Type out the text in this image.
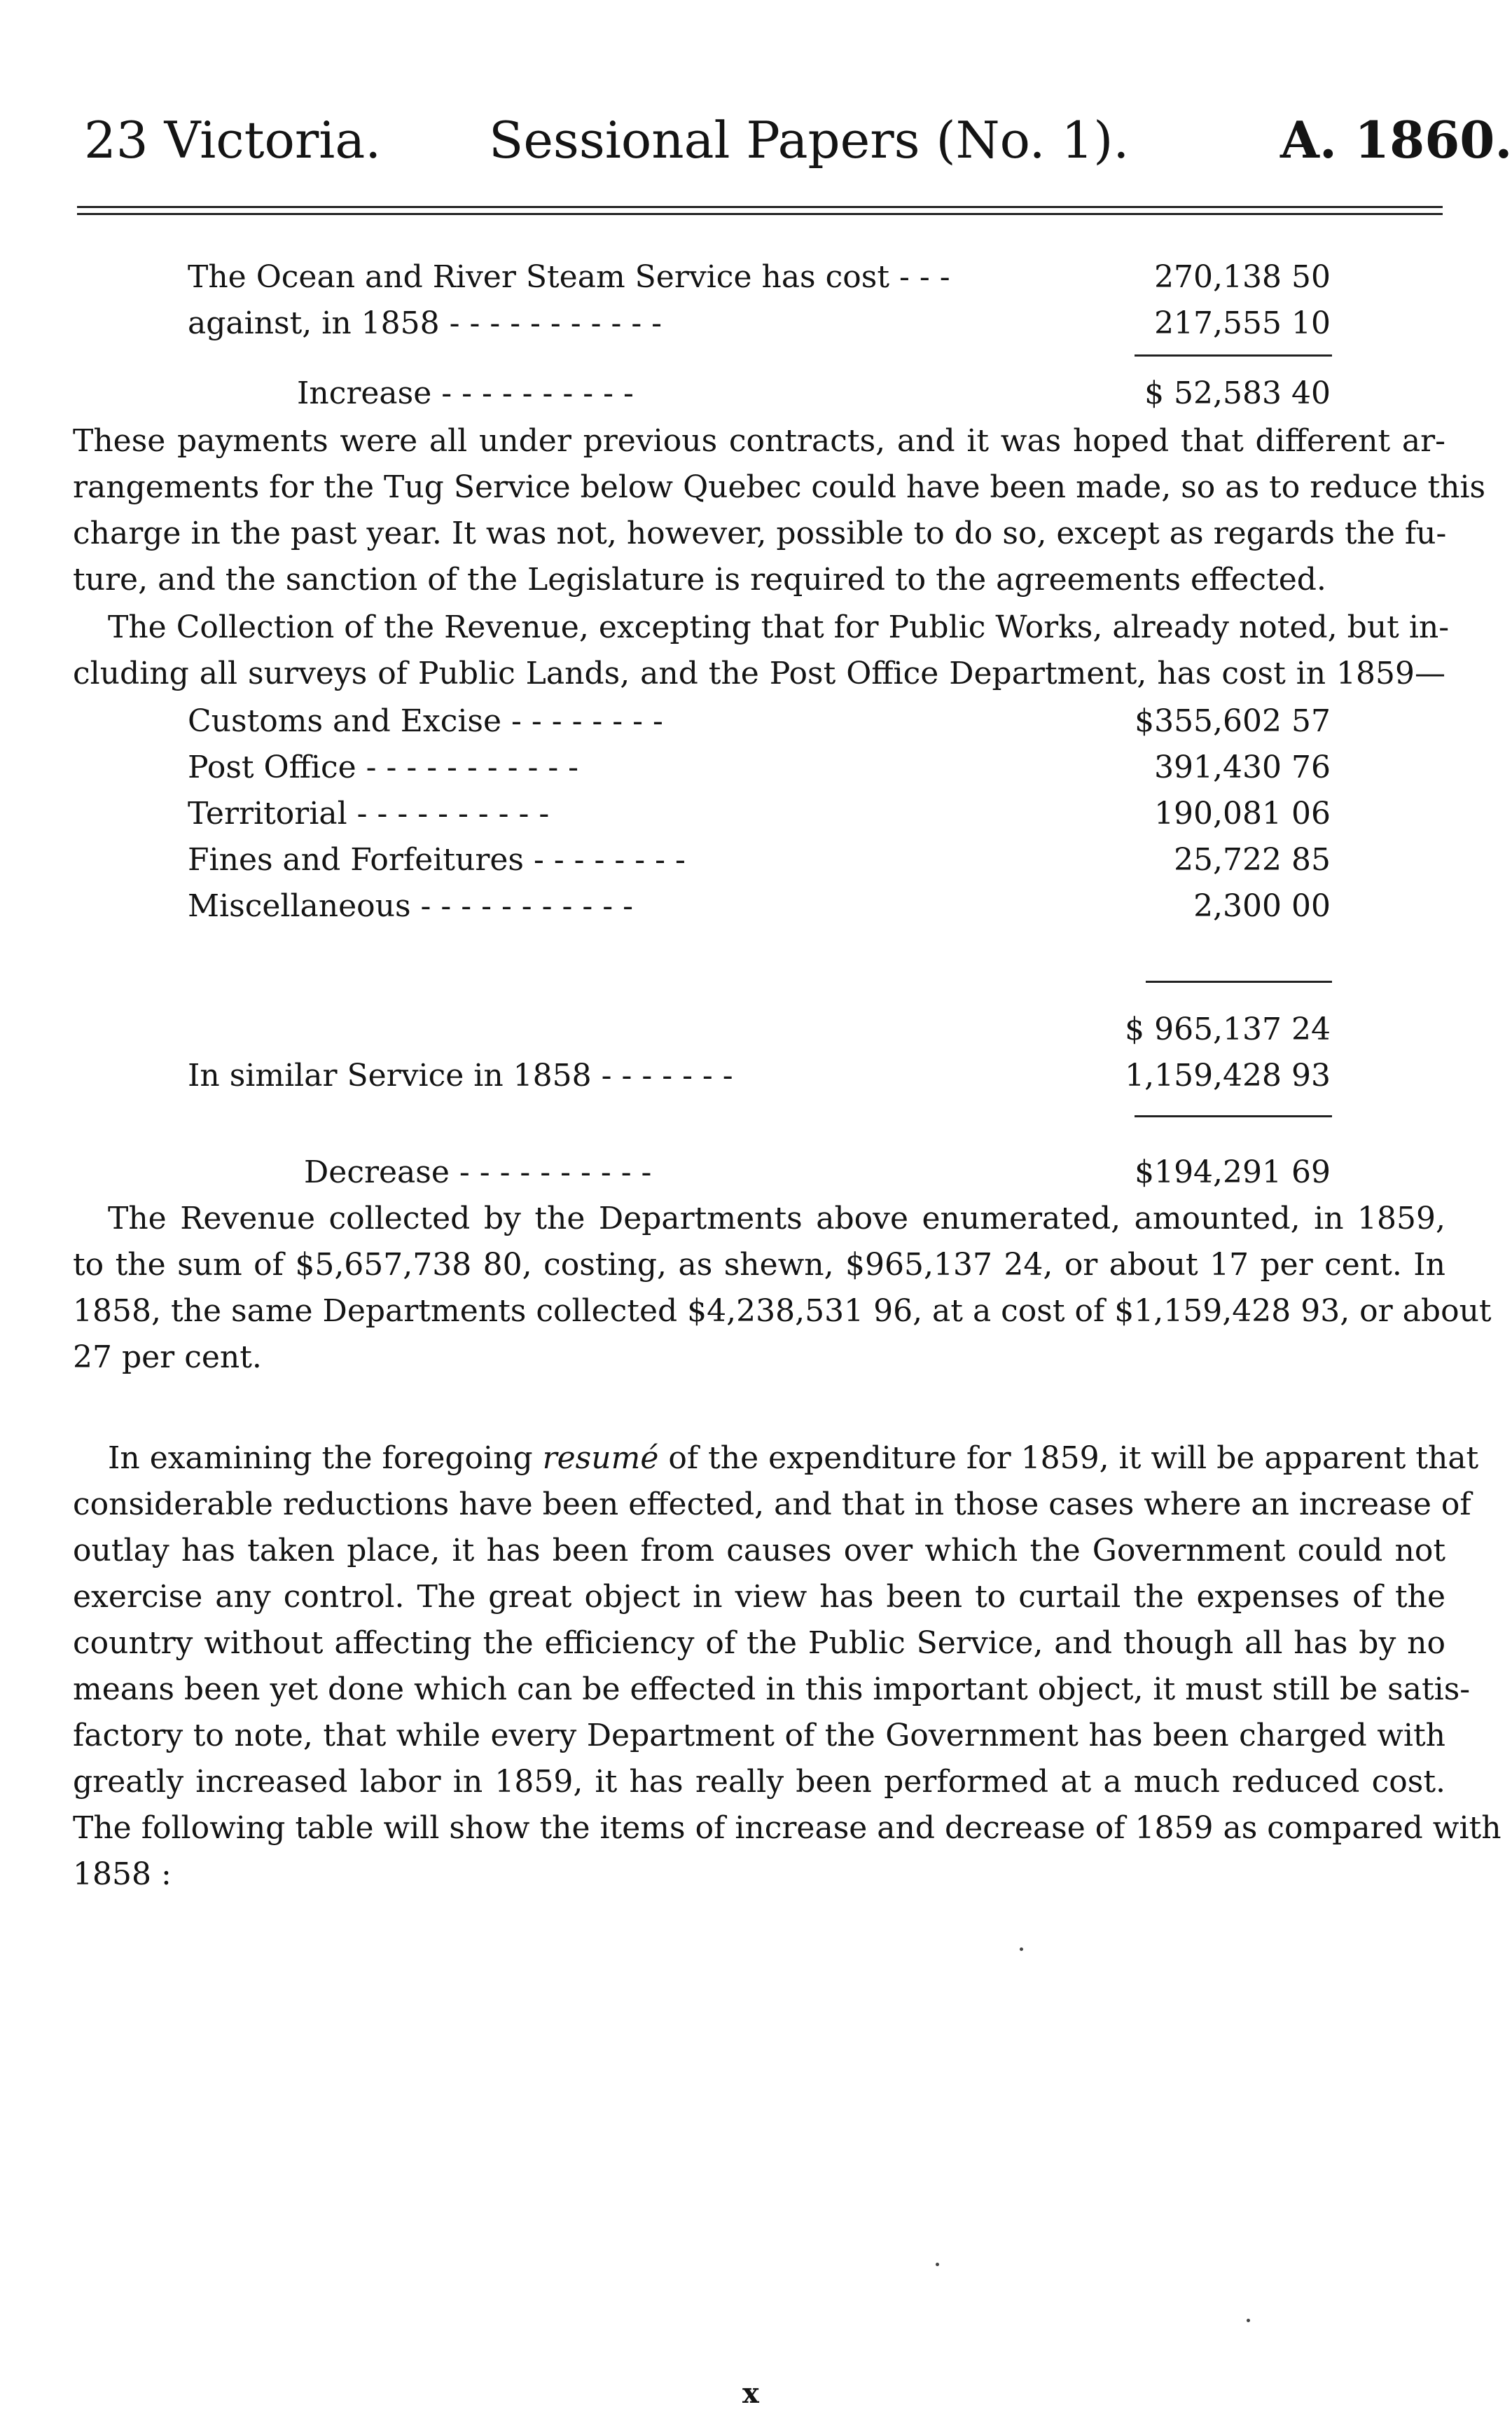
23 Victoria. Sessional Papers (No. 1).	A. 1860.
The Ocean and River Steam Service has cost - - -	270,138 50
against, in 1858 - - - - - - - - - - -	217,555 10
Increase - - - - - - - - - -	$ 52,583 40
These payments were all under previous contracts, and it was hoped that different ar-
rangements for the Tug Service below Quebec could have been made, so as to reduce this
charge in the past year. It was not, however, possible to do so, except as regards the fu-
ture, and the sanction of the Legislature is required to the agreements effected.
The Collection of the Revenue, excepting that for Public Works, already noted, but in-
cluding all surveys of Public Lands, and the Post Office Department, has cost in 1859—
Customs and Excise - - - - - - - -	$355,602 57
Post Office - - - - - - - - - - -	391,430 76
Territorial - - - - - - - - - -	190,081 06
Fines and Forfeitures - - - - - - - -	25,722 85
Miscellaneous - - - - - - - - - - -	2,300 00
$ 965,137 24
In similar Service in 1858 - - - - - - -	1,159,428 93
Decrease - - - - - - - - - -	$194,291 69
The Revenue collected by the Departments above enumerated, amounted, in 1859,
to the sum of $5,657,738 80, costing, as shewn, $965,137 24, or about 17 per cent. In
1858, the same Departments collected $4,238,531 96, at a cost of $1,159,428 93, or about
27 per cent.
In examining the foregoing resumé of the expenditure for 1859, it will be apparent that
considerable reductions have been effected, and that in those cases where an increase of
outlay has taken place, it has been from causes over which the Government could not
exercise any control. The great object in view has been to curtail the expenses of the
country without affecting the efficiency of the Public Service, and though all has by no
means been yet done which can be effected in this important object, it must still be satis-
factory to note, that while every Department of the Government has been charged with
greatly increased labor in 1859, it has really been performed at a much reduced cost.
The following table will show the items of increase and decrease of 1859 as compared with
1858 :
x
